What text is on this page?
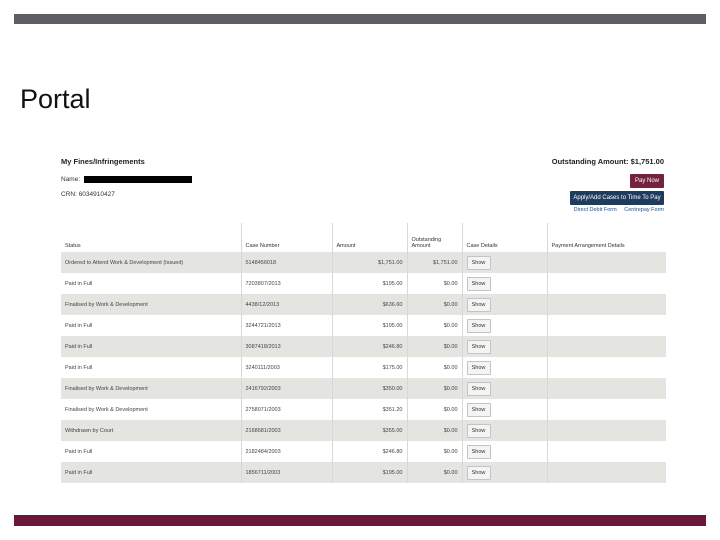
Portal
My Fines/Infringements	Outstanding Amount: $1,751.00
Name:
CRN: 6034910427
Pay Now
Apply/Add Cases to Time To Pay
Direct Debit Form Centrepay Form
Status	Case Number	Amount	Outstanding Amount	Case Details	Payment Arrangement Details
Ordered to Attend Work & Development (Issued)	5148456018	$1,751.00	$1,751.00	Show	
Paid in Full	7203807/2013	$195.00	$0.00	Show	
Finalised by Work & Development	4438/12/2013	$636.60	$0.00	Show	
Paid in Full	3244721/2013	$195.00	$0.00	Show	
Paid in Full	3087418/2013	$246.80	$0.00	Show	
Paid in Full	3240111/2003	$175.00	$0.00	Show	
Finalised by Work & Development	2416792/2003	$350.00	$0.00	Show	
Finalised by Work & Development	2758071/2003	$351.20	$0.00	Show	
Withdrawn by Court	2168681/2003	$355.00	$0.00	Show	
Paid in Full	2182484/2003	$246.80	$0.00	Show	
Paid in Full	1856711/2003	$195.00	$0.00	Show	
